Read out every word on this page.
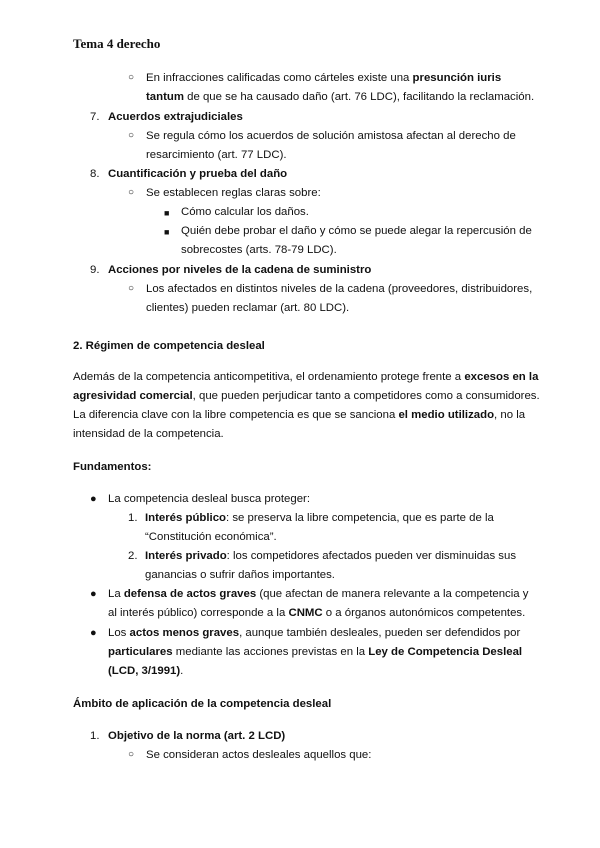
Tema 4 derecho
○ En infracciones calificadas como cárteles existe una presunción iuris
tantum de que se ha causado daño (art. 76 LDC), facilitando la reclamación.
7. Acuerdos extrajudiciales
○ Se regula cómo los acuerdos de solución amistosa afectan al derecho de
resarcimiento (art. 77 LDC).
8. Cuantificación y prueba del daño
○ Se establecen reglas claras sobre:
■ Cómo calcular los daños.
■ Quién debe probar el daño y cómo se puede alegar la repercusión de
sobrecostes (arts. 78-79 LDC).
9. Acciones por niveles de la cadena de suministro
○ Los afectados en distintos niveles de la cadena (proveedores, distribuidores,
clientes) pueden reclamar (art. 80 LDC).
2. Régimen de competencia desleal
Además de la competencia anticompetitiva, el ordenamiento protege frente a excesos en la
agresividad comercial, que pueden perjudicar tanto a competidores como a consumidores.
La diferencia clave con la libre competencia es que se sanciona el medio utilizado, no la
intensidad de la competencia.
Fundamentos:
● La competencia desleal busca proteger:
1. Interés público: se preserva la libre competencia, que es parte de la
“Constitución económica”.
2. Interés privado: los competidores afectados pueden ver disminuidas sus
ganancias o sufrir daños importantes.
● La defensa de actos graves (que afectan de manera relevante a la competencia y
al interés público) corresponde a la CNMC o a órganos autonómicos competentes.
● Los actos menos graves, aunque también desleales, pueden ser defendidos por
particulares mediante las acciones previstas en la Ley de Competencia Desleal
(LCD, 3/1991).
Ámbito de aplicación de la competencia desleal
1. Objetivo de la norma (art. 2 LCD)
○ Se consideran actos desleales aquellos que:
